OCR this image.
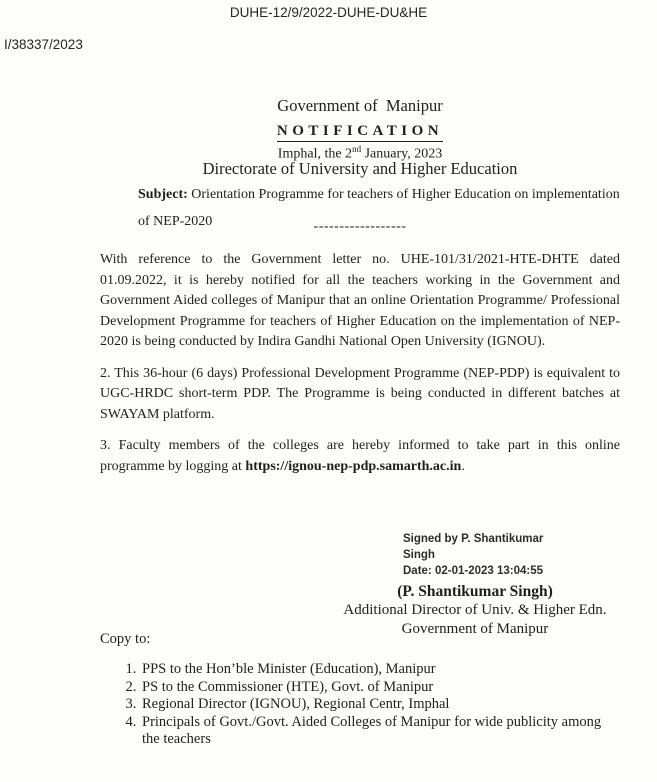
DUHE-12/9/2022-DUHE-DU&HE
I/38337/2023

Government of  Manipur

Directorate of University and Higher Education

------------------

NOTIFICATION
Imphal, the 2nd January, 2023
Subject: Orientation Programme for teachers of Higher Education on implementation of NEP-2020

With reference to the Government letter no. UHE-101/31/2021-HTE-DHTE dated 01.09.2022, it is hereby notified for all the teachers working in the Government and Government Aided colleges of Manipur that an online Orientation Programme/ Professional Development Programme for teachers of Higher Education on the implementation of NEP-2020 is being conducted by Indira Gandhi National Open University (IGNOU).

2. This 36-hour (6 days) Professional Development Programme (NEP-PDP) is equivalent to UGC-HRDC short-term PDP. The Programme is being conducted in different batches at SWAYAM platform.

3. Faculty members of the colleges are hereby informed to take part in this online programme by logging at https://ignou-nep-pdp.samarth.ac.in.

Signed by P. Shantikumar
Singh
Date: 02-01-2023 13:04:55
(P. Shantikumar Singh)
Additional Director of Univ. & Higher Edn.
Government of Manipur
Copy to:
1. PPS to the Hon’ble Minister (Education), Manipur
2. PS to the Commissioner (HTE), Govt. of Manipur
3. Regional Director (IGNOU), Regional Centr, Imphal
4. Principals of Govt./Govt. Aided Colleges of Manipur for wide publicity among the teachers
